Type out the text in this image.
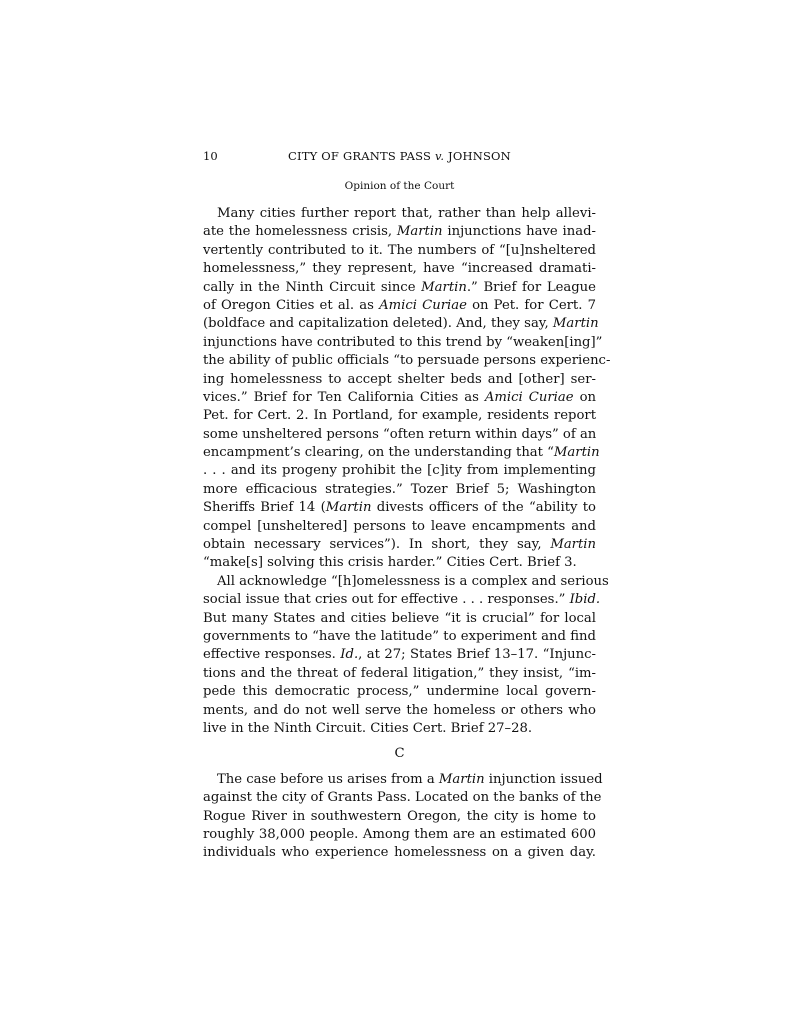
10	CITY OF GRANTS PASS v. JOHNSON
Opinion of the Court
Many cities further report that, rather than help allevi-
ate the homelessness crisis, Martin injunctions have inad-
vertently contributed to it. The numbers of “[u]nsheltered
homelessness,” they represent, have “increased dramati-
cally in the Ninth Circuit since Martin.” Brief for League
of Oregon Cities et al. as Amici Curiae on Pet. for Cert. 7
(boldface and capitalization deleted). And, they say, Martin
injunctions have contributed to this trend by “weaken[ing]”
the ability of public officials “to persuade persons experienc-
ing homelessness to accept shelter beds and [other] ser-
vices.” Brief for Ten California Cities as Amici Curiae on
Pet. for Cert. 2. In Portland, for example, residents report
some unsheltered persons “often return within days” of an
encampment’s clearing, on the understanding that “Martin
. . . and its progeny prohibit the [c]ity from implementing
more efficacious strategies.” Tozer Brief 5; Washington
Sheriffs Brief 14 (Martin divests officers of the “ability to
compel [unsheltered] persons to leave encampments and
obtain necessary services”). In short, they say, Martin
“make[s] solving this crisis harder.” Cities Cert. Brief 3.
All acknowledge “[h]omelessness is a complex and serious
social issue that cries out for effective . . . responses.” Ibid.
But many States and cities believe “it is crucial” for local
governments to “have the latitude” to experiment and find
effective responses. Id., at 27; States Brief 13–17. “Injunc-
tions and the threat of federal litigation,” they insist, “im-
pede this democratic process,” undermine local govern-
ments, and do not well serve the homeless or others who
live in the Ninth Circuit. Cities Cert. Brief 27–28.
C
The case before us arises from a Martin injunction issued
against the city of Grants Pass. Located on the banks of the
Rogue River in southwestern Oregon, the city is home to
roughly 38,000 people. Among them are an estimated 600
individuals who experience homelessness on a given day.
